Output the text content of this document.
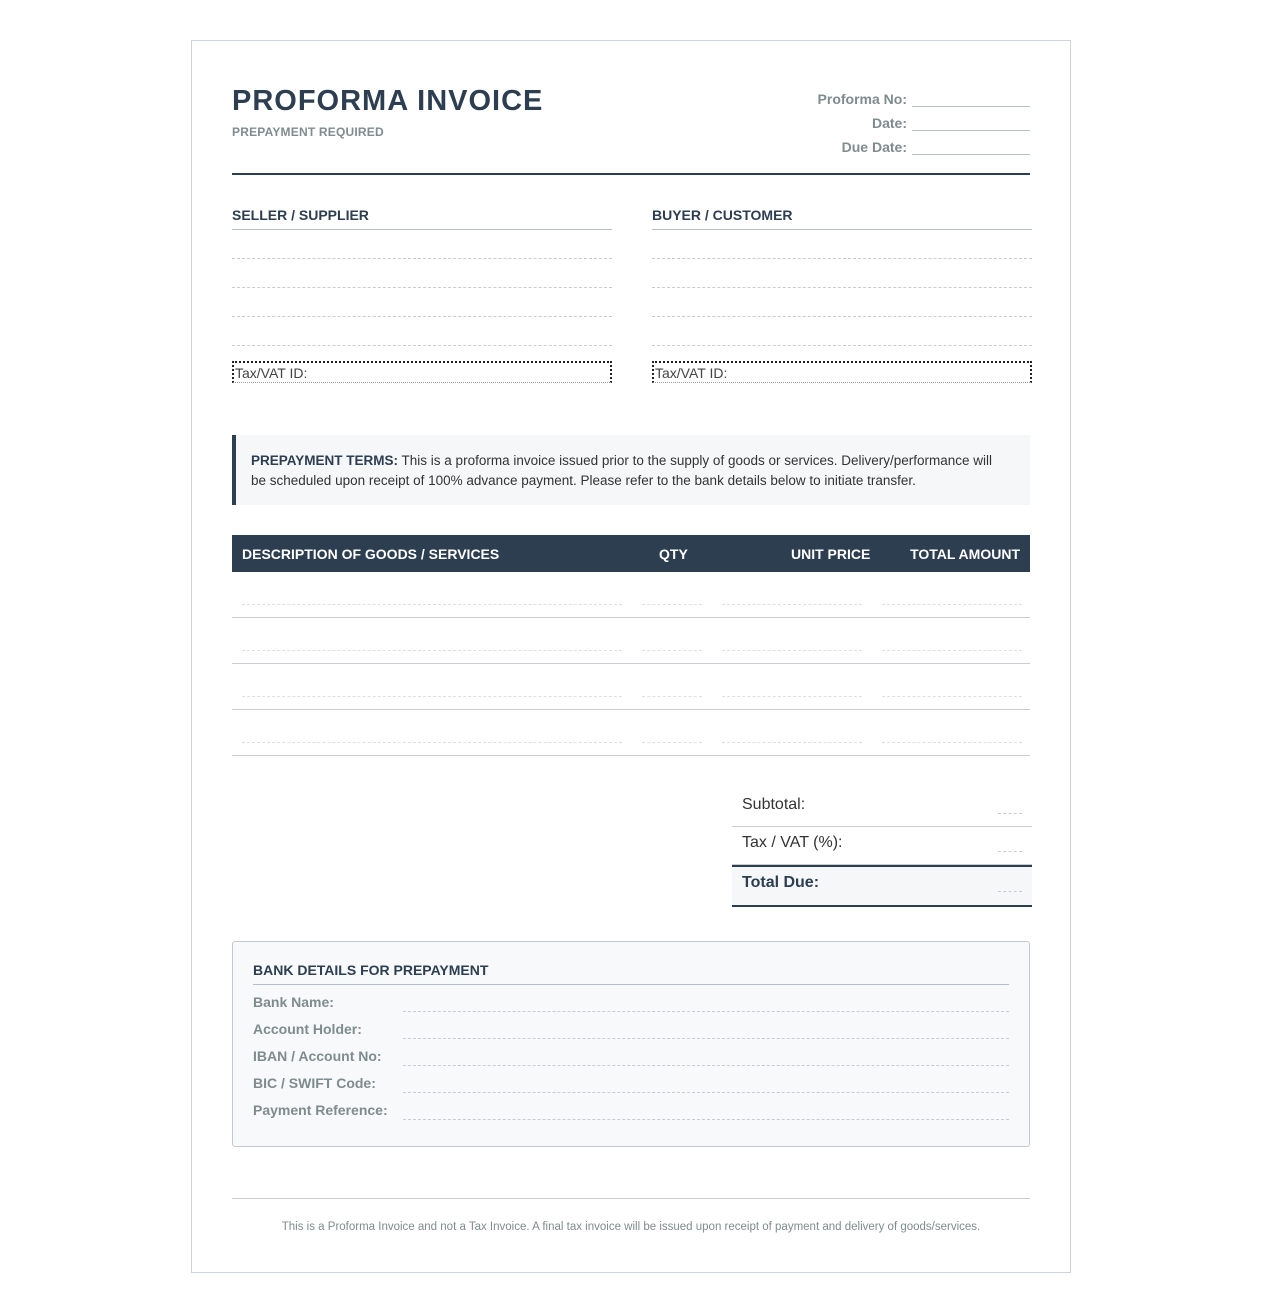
PROFORMA INVOICE
PREPAYMENT REQUIRED
Proforma No:
Date:
Due Date:
SELLER / SUPPLIER
Tax/VAT ID:
BUYER / CUSTOMER
Tax/VAT ID:
PREPAYMENT TERMS: This is a proforma invoice issued prior to the supply of goods or services. Delivery/performance will be scheduled upon receipt of 100% advance payment. Please refer to the bank details below to initiate transfer.
DESCRIPTION OF GOODS / SERVICES	QTY	UNIT PRICE	TOTAL AMOUNT
Subtotal:
Tax / VAT (%):
Total Due:
BANK DETAILS FOR PREPAYMENT
Bank Name:
Account Holder:
IBAN / Account No:
BIC / SWIFT Code:
Payment Reference:
This is a Proforma Invoice and not a Tax Invoice. A final tax invoice will be issued upon receipt of payment and delivery of goods/services.
